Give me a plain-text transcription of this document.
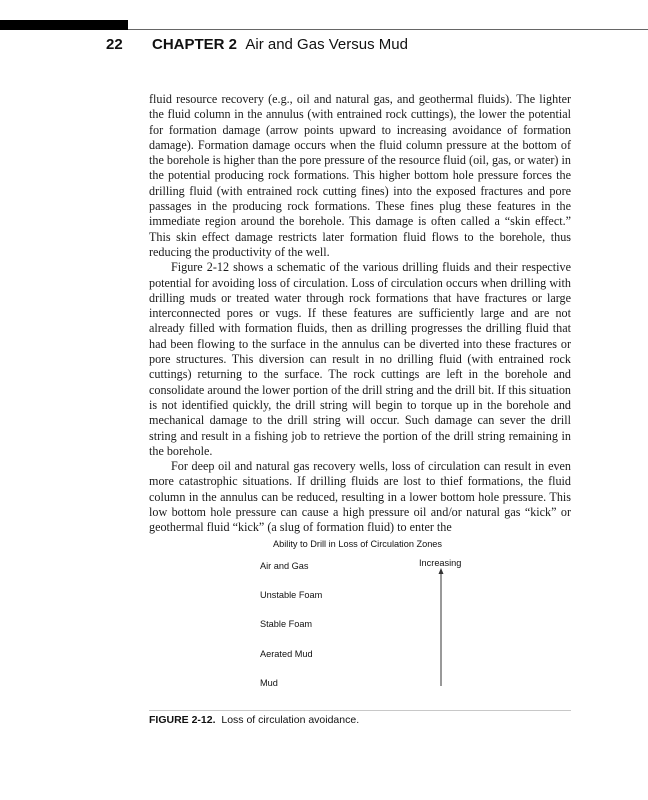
22 CHAPTER 2 Air and Gas Versus Mud

fluid resource recovery (e.g., oil and natural gas, and geothermal fluids). The lighter the fluid column in the annulus (with entrained rock cuttings), the lower the potential for formation damage (arrow points upward to increasing avoidance of formation damage). Formation damage occurs when the fluid column pressure at the bottom of the borehole is higher than the pore pressure of the resource fluid (oil, gas, or water) in the potential producing rock formations. This higher bottom hole pressure forces the drilling fluid (with entrained rock cutting fines) into the exposed fractures and pore passages in the producing rock formations. These fines plug these features in the immediate region around the borehole. This damage is often called a “skin effect.” This skin effect damage restricts later formation fluid flows to the borehole, thus reducing the productivity of the well.

Figure 2-12 shows a schematic of the various drilling fluids and their respective potential for avoiding loss of circulation. Loss of circulation occurs when drilling with drilling muds or treated water through rock formations that have fractures or large interconnected pores or vugs. If these features are sufficiently large and are not already filled with formation fluids, then as drilling progresses the drilling fluid that had been flowing to the surface in the annulus can be diverted into these fractures or pore structures. This diversion can result in no drilling fluid (with entrained rock cuttings) returning to the surface. The rock cuttings are left in the borehole and consolidate around the lower portion of the drill string and the drill bit. If this situation is not identified quickly, the drill string will begin to torque up in the borehole and mechanical damage to the drill string will occur. Such damage can sever the drill string and result in a fishing job to retrieve the portion of the drill string remaining in the borehole.

For deep oil and natural gas recovery wells, loss of circulation can result in even more catastrophic situations. If drilling fluids are lost to thief formations, the fluid column in the annulus can be reduced, resulting in a lower bottom hole pressure. This low bottom hole pressure can cause a high pressure oil and/or natural gas “kick” or geothermal fluid “kick” (a slug of formation fluid) to enter the

Ability to Drill in Loss of Circulation Zones
Air and Gas
Unstable Foam
Stable Foam
Aerated Mud
Mud
Increasing
FIGURE 2-12. Loss of circulation avoidance.
